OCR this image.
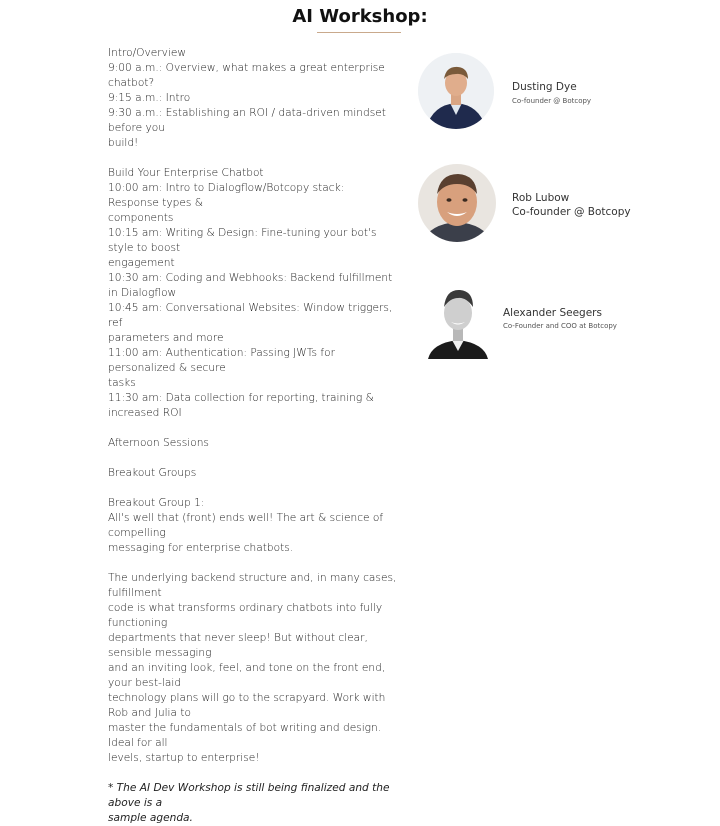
AI Workshop:
Intro/Overview
9:00 a.m.: Overview, what makes a great enterprise chatbot?
9:15 a.m.: Intro
9:30 a.m.: Establishing an ROI / data-driven mindset before you
build!
Build Your Enterprise Chatbot
10:00 am: Intro to Dialogflow/Botcopy stack: Response types &
components
10:15 am: Writing & Design: Fine-tuning your bot's style to boost
engagement
10:30 am: Coding and Webhooks: Backend fulfillment in Dialogflow
10:45 am: Conversational Websites: Window triggers, ref
parameters and more
11:00 am: Authentication: Passing JWTs for personalized & secure
tasks
11:30 am: Data collection for reporting, training & increased ROI
Afternoon Sessions
Breakout Groups
Breakout Group 1:
All's well that (front) ends well! The art & science of compelling
messaging for enterprise chatbots.
The underlying backend structure and, in many cases, fulfillment
code is what transforms ordinary chatbots into fully functioning
departments that never sleep! But without clear, sensible messaging
and an inviting look, feel, and tone on the front end, your best-laid
technology plans will go to the scrapyard. Work with Rob and Julia to
master the fundamentals of bot writing and design. Ideal for all
levels, startup to enterprise!
* The AI Dev Workshop is still being finalized and the above is a
sample agenda.
Dusting Dye
Co-founder @ Botcopy
Rob Lubow
Co-founder @ Botcopy
Alexander Seegers
Co-Founder and COO at Botcopy
